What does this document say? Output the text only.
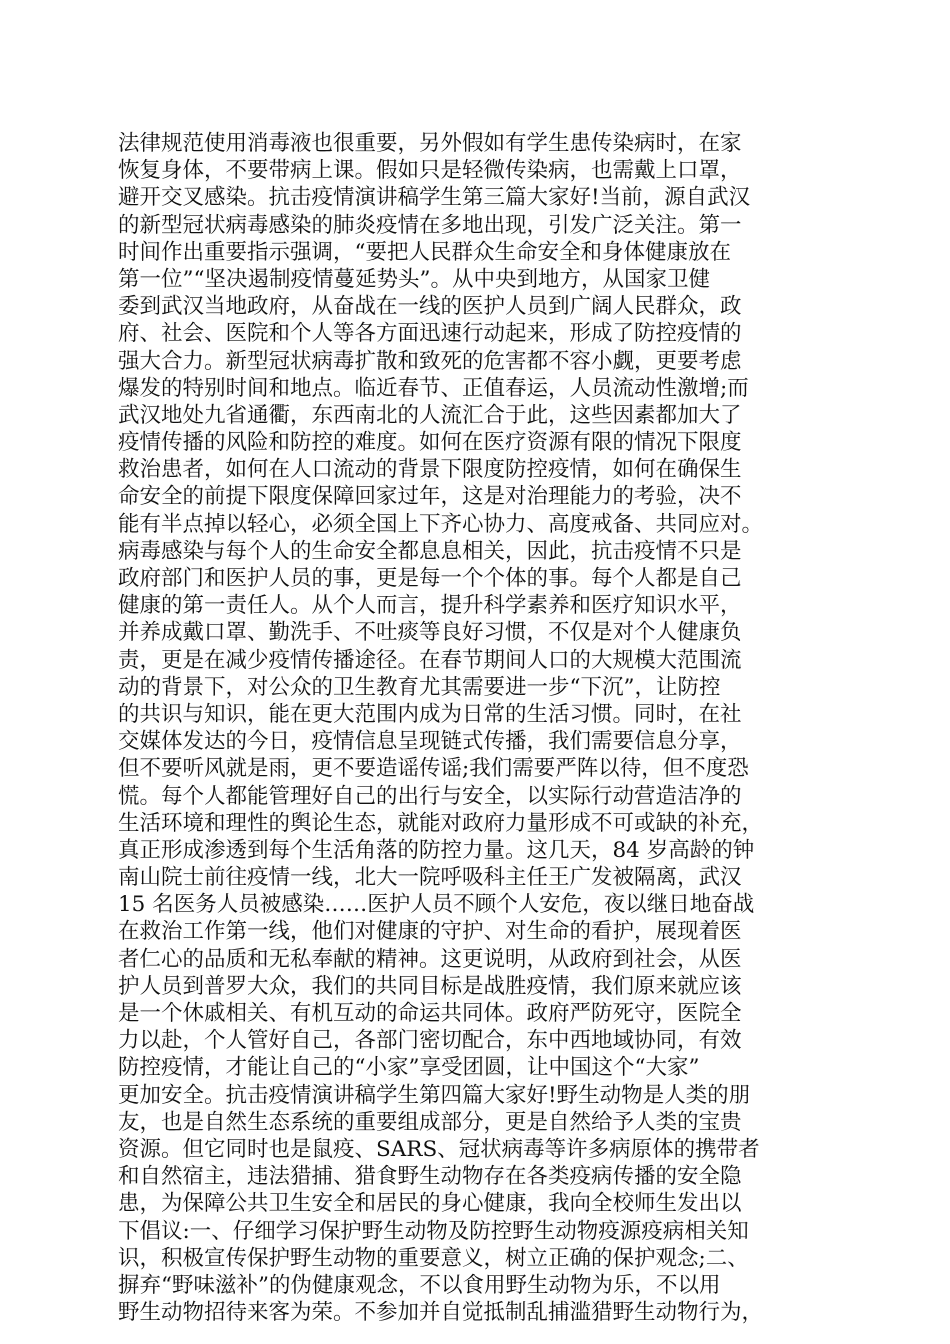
法律规范使用消毒液也很重要，另外假如有学生患传染病时，在家
恢复身体，不要带病上课。假如只是轻微传染病，也需戴上口罩，
避开交叉感染。抗击疫情演讲稿学生第三篇大家好!当前，源自武汉
的新型冠状病毒感染的肺炎疫情在多地出现，引发广泛关注。第一
时间作出重要指示强调，“要把人民群众生命安全和身体健康放在
第一位”“坚决遏制疫情蔓延势头”。从中央到地方，从国家卫健
委到武汉当地政府，从奋战在一线的医护人员到广阔人民群众，政
府、社会、医院和个人等各方面迅速行动起来，形成了防控疫情的
强大合力。新型冠状病毒扩散和致死的危害都不容小觑，更要考虑
爆发的特别时间和地点。临近春节、正值春运，人员流动性激增;而
武汉地处九省通衢，东西南北的人流汇合于此，这些因素都加大了
疫情传播的风险和防控的难度。如何在医疗资源有限的情况下限度
救治患者，如何在人口流动的背景下限度防控疫情，如何在确保生
命安全的前提下限度保障回家过年，这是对治理能力的考验，决不
能有半点掉以轻心，必须全国上下齐心协力、高度戒备、共同应对。
病毒感染与每个人的生命安全都息息相关，因此，抗击疫情不只是
政府部门和医护人员的事，更是每一个个体的事。每个人都是自己
健康的第一责任人。从个人而言，提升科学素养和医疗知识水平，
并养成戴口罩、勤洗手、不吐痰等良好习惯，不仅是对个人健康负
责，更是在减少疫情传播途径。在春节期间人口的大规模大范围流
动的背景下，对公众的卫生教育尤其需要进一步“下沉”，让防控
的共识与知识，能在更大范围内成为日常的生活习惯。同时，在社
交媒体发达的今日，疫情信息呈现链式传播，我们需要信息分享，
但不要听风就是雨，更不要造谣传谣;我们需要严阵以待，但不度恐
慌。每个人都能管理好自己的出行与安全，以实际行动营造洁净的
生活环境和理性的舆论生态，就能对政府力量形成不可或缺的补充，
真正形成渗透到每个生活角落的防控力量。这几天，84 岁高龄的钟
南山院士前往疫情一线，北大一院呼吸科主任王广发被隔离，武汉
15 名医务人员被感染……医护人员不顾个人安危，夜以继日地奋战
在救治工作第一线，他们对健康的守护、对生命的看护，展现着医
者仁心的品质和无私奉献的精神。这更说明，从政府到社会，从医
护人员到普罗大众，我们的共同目标是战胜疫情，我们原来就应该
是一个休戚相关、有机互动的命运共同体。政府严防死守，医院全
力以赴，个人管好自己，各部门密切配合，东中西地域协同，有效
防控疫情，才能让自己的“小家”享受团圆，让中国这个“大家”
更加安全。抗击疫情演讲稿学生第四篇大家好!野生动物是人类的朋
友，也是自然生态系统的重要组成部分，更是自然给予人类的宝贵
资源。但它同时也是鼠疫、SARS、冠状病毒等许多病原体的携带者
和自然宿主，违法猎捕、猎食野生动物存在各类疫病传播的安全隐
患，为保障公共卫生安全和居民的身心健康，我向全校师生发出以
下倡议:一、仔细学习保护野生动物及防控野生动物疫源疫病相关知
识，积极宣传保护野生动物的重要意义，树立正确的保护观念;二、
摒弃“野味滋补”的伪健康观念，不以食用野生动物为乐，不以用
野生动物招待来客为荣。不参加并自觉抵制乱捕滥猎野生动物行为，
